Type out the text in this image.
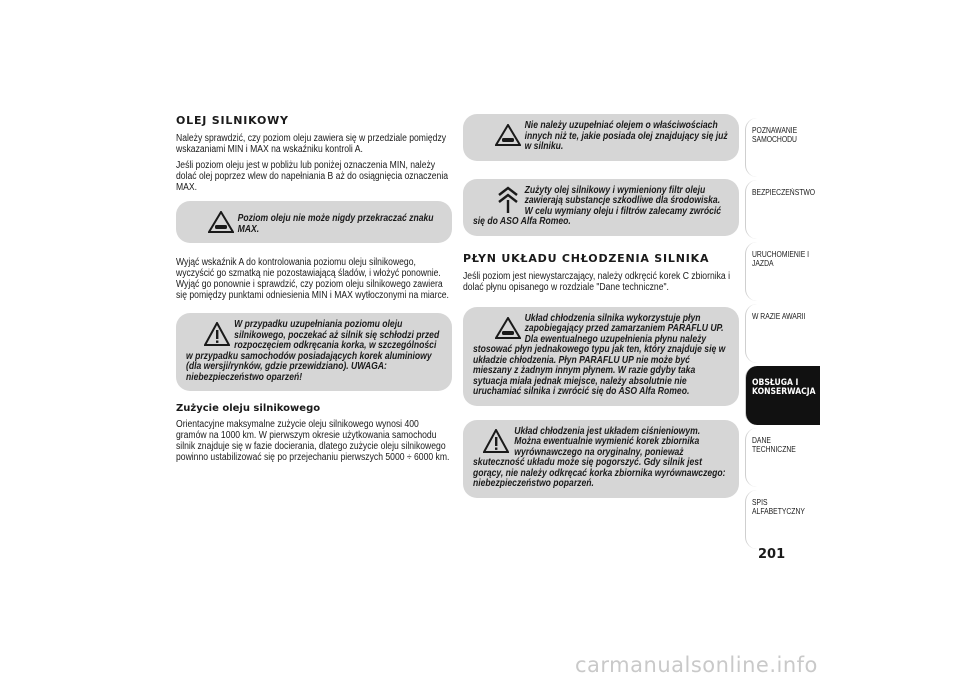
OLEJ SILNIKOWY
Należy sprawdzić, czy poziom oleju zawiera się w przedziale pomiędzy wskazaniami MIN i MAX na wskaźniku kontroli A.
Jeśli poziom oleju jest w pobliżu lub poniżej oznaczenia MIN, należy dolać olej poprzez wlew do napełniania B aż do osiągnięcia oznaczenia MAX.
Poziom oleju nie może nigdy przekraczać znaku MAX.
Wyjąć wskaźnik A do kontrolowania poziomu oleju silnikowego, wyczyścić go szmatką nie pozostawiającą śladów, i włożyć ponownie. Wyjąć go ponownie i sprawdzić, czy poziom oleju silnikowego zawiera się pomiędzy punktami odniesienia MIN i MAX wytłoczonymi na miarce.
W przypadku uzupełniania poziomu oleju silnikowego, poczekać aż silnik się schłodzi przed rozpoczęciem odkręcania korka, w szczególności w przypadku samochodów posiadających korek aluminiowy (dla wersji/rynków, gdzie przewidziano). UWAGA: niebezpieczeństwo oparzeń!
Zużycie oleju silnikowego
Orientacyjne maksymalne zużycie oleju silnikowego wynosi 400 gramów na 1000 km. W pierwszym okresie użytkowania samochodu silnik znajduje się w fazie docierania, dlatego zużycie oleju silnikowego powinno ustabilizować się po przejechaniu pierwszych 5000 ÷ 6000 km.
Nie należy uzupełniać olejem o właściwościach innych niż te, jakie posiada olej znajdujący się już w silniku.
Zużyty olej silnikowy i wymieniony filtr oleju zawierają substancje szkodliwe dla środowiska. W celu wymiany oleju i filtrów zalecamy zwrócić się do ASO Alfa Romeo.
PŁYN UKŁADU CHŁODZENIA SILNIKA
Jeśli poziom jest niewystarczający, należy odkręcić korek C zbiornika i dolać płynu opisanego w rozdziale "Dane techniczne".
Układ chłodzenia silnika wykorzystuje płyn zapobiegający przed zamarzaniem PARAFLU UP. Dla ewentualnego uzupełnienia płynu należy stosować płyn jednakowego typu jak ten, który znajduje się w układzie chłodzenia. Płyn PARAFLU UP nie może być mieszany z żadnym innym płynem. W razie gdyby taka sytuacja miała jednak miejsce, należy absolutnie nie uruchamiać silnika i zwrócić się do ASO Alfa Romeo.
Układ chłodzenia jest układem ciśnieniowym. Można ewentualnie wymienić korek zbiornika wyrównawczego na oryginalny, ponieważ skuteczność układu może się pogorszyć. Gdy silnik jest gorący, nie należy odkręcać korka zbiornika wyrównawczego: niebezpieczeństwo poparzeń.
POZNAWANIE SAMOCHODU
BEZPIECZEŃSTWO
URUCHOMIENIE I JAZDA
W RAZIE AWARII
OBSŁUGA I KONSERWACJA
DANE TECHNICZNE
SPIS ALFABETYCZNY
201
carmanualsonline.info
